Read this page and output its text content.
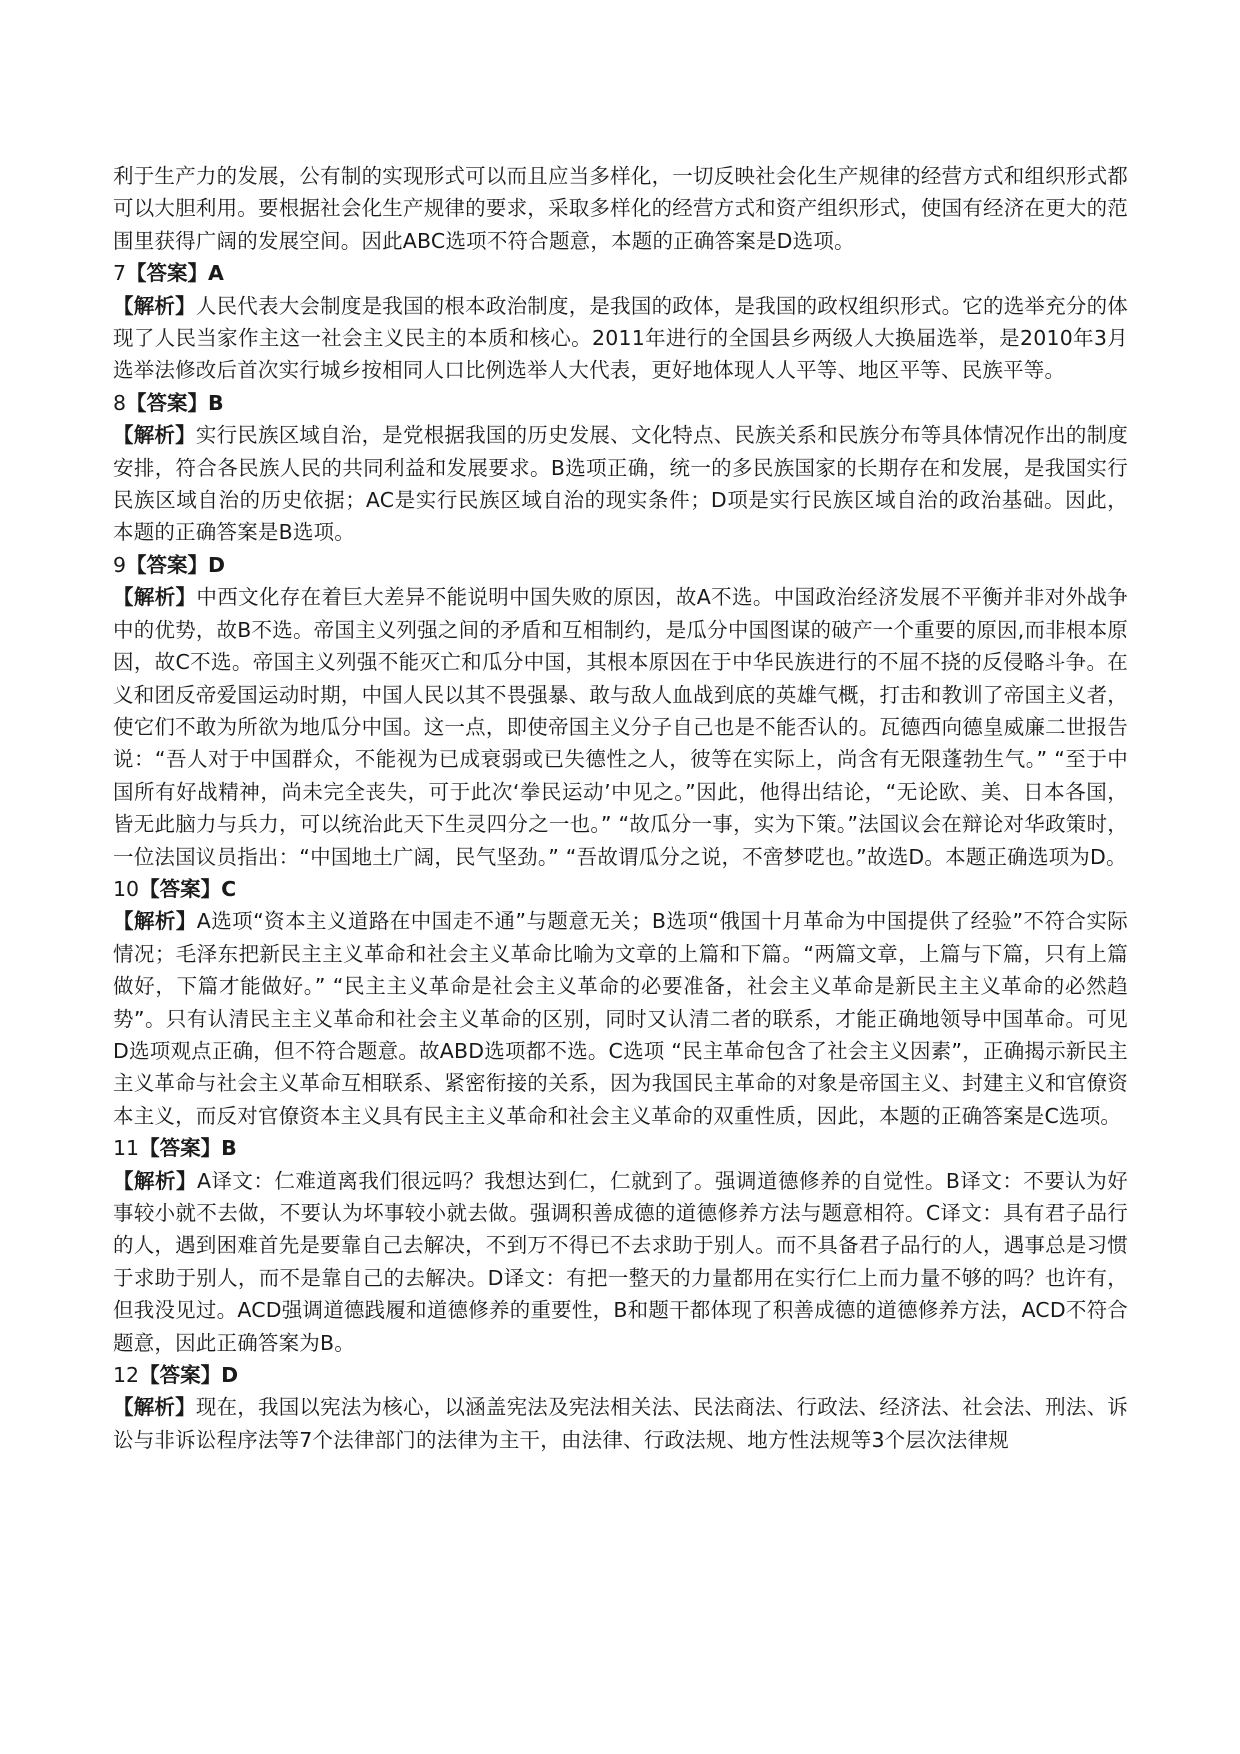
利于生产力的发展，公有制的实现形式可以而且应当多样化，一切反映社会化生产规律的经营方式和组织形式都可以大胆利用。要根据社会化生产规律的要求，采取多样化的经营方式和资产组织形式，使国有经济在更大的范围里获得广阔的发展空间。因此ABC选项不符合题意，本题的正确答案是D选项。

7【答案】A

【解析】人民代表大会制度是我国的根本政治制度，是我国的政体，是我国的政权组织形式。它的选举充分的体现了人民当家作主这一社会主义民主的本质和核心。2011年进行的全国县乡两级人大换届选举，是2010年3月选举法修改后首次实行城乡按相同人口比例选举人大代表，更好地体现人人平等、地区平等、民族平等。

8【答案】B

【解析】实行民族区域自治，是党根据我国的历史发展、文化特点、民族关系和民族分布等具体情况作出的制度安排，符合各民族人民的共同利益和发展要求。B选项正确，统一的多民族国家的长期存在和发展，是我国实行民族区域自治的历史依据；AC是实行民族区域自治的现实条件；D项是实行民族区域自治的政治基础。因此，本题的正确答案是B选项。

9【答案】D

【解析】中西文化存在着巨大差异不能说明中国失败的原因，故A不选。中国政治经济发展不平衡并非对外战争中的优势，故B不选。帝国主义列强之间的矛盾和互相制约，是瓜分中国图谋的破产一个重要的原因,而非根本原因，故C不选。帝国主义列强不能灭亡和瓜分中国，其根本原因在于中华民族进行的不屈不挠的反侵略斗争。在义和团反帝爱国运动时期，中国人民以其不畏强暴、敢与敌人血战到底的英雄气概，打击和教训了帝国主义者，使它们不敢为所欲为地瓜分中国。这一点，即使帝国主义分子自己也是不能否认的。瓦德西向德皇威廉二世报告说：“吾人对于中国群众，不能视为已成衰弱或已失德性之人，彼等在实际上，尚含有无限蓬勃生气。” “至于中国所有好战精神，尚未完全丧失，可于此次‘拳民运动’中见之。”因此，他得出结论，“无论欧、美、日本各国，皆无此脑力与兵力，可以统治此天下生灵四分之一也。” “故瓜分一事，实为下策。”法国议会在辩论对华政策时，一位法国议员指出：“中国地土广阔，民气坚劲。” “吾故谓瓜分之说，不啻梦呓也。”故选D。本题正确选项为D。

10【答案】C

【解析】A选项“资本主义道路在中国走不通”与题意无关；B选项“俄国十月革命为中国提供了经验”不符合实际情况；毛泽东把新民主主义革命和社会主义革命比喻为文章的上篇和下篇。“两篇文章，上篇与下篇，只有上篇做好，下篇才能做好。” “民主主义革命是社会主义革命的必要准备，社会主义革命是新民主主义革命的必然趋势”。只有认清民主主义革命和社会主义革命的区别，同时又认清二者的联系，才能正确地领导中国革命。可见D选项观点正确，但不符合题意。故ABD选项都不选。C选项 “民主革命包含了社会主义因素”，正确揭示新民主主义革命与社会主义革命互相联系、紧密衔接的关系，因为我国民主革命的对象是帝国主义、封建主义和官僚资本主义，而反对官僚资本主义具有民主主义革命和社会主义革命的双重性质，因此，本题的正确答案是C选项。

11【答案】B

【解析】A译文：仁难道离我们很远吗？我想达到仁，仁就到了。强调道德修养的自觉性。B译文：不要认为好事较小就不去做，不要认为坏事较小就去做。强调积善成德的道德修养方法与题意相符。C译文：具有君子品行的人，遇到困难首先是要靠自己去解决，不到万不得已不去求助于别人。而不具备君子品行的人，遇事总是习惯于求助于别人，而不是靠自己的去解决。D译文：有把一整天的力量都用在实行仁上而力量不够的吗？也许有，但我没见过。ACD强调道德践履和道德修养的重要性，B和题干都体现了积善成德的道德修养方法，ACD不符合题意，因此正确答案为B。

12【答案】D

【解析】现在，我国以宪法为核心，以涵盖宪法及宪法相关法、民法商法、行政法、经济法、社会法、刑法、诉讼与非诉讼程序法等7个法律部门的法律为主干，由法律、行政法规、地方性法规等3个层次法律规
